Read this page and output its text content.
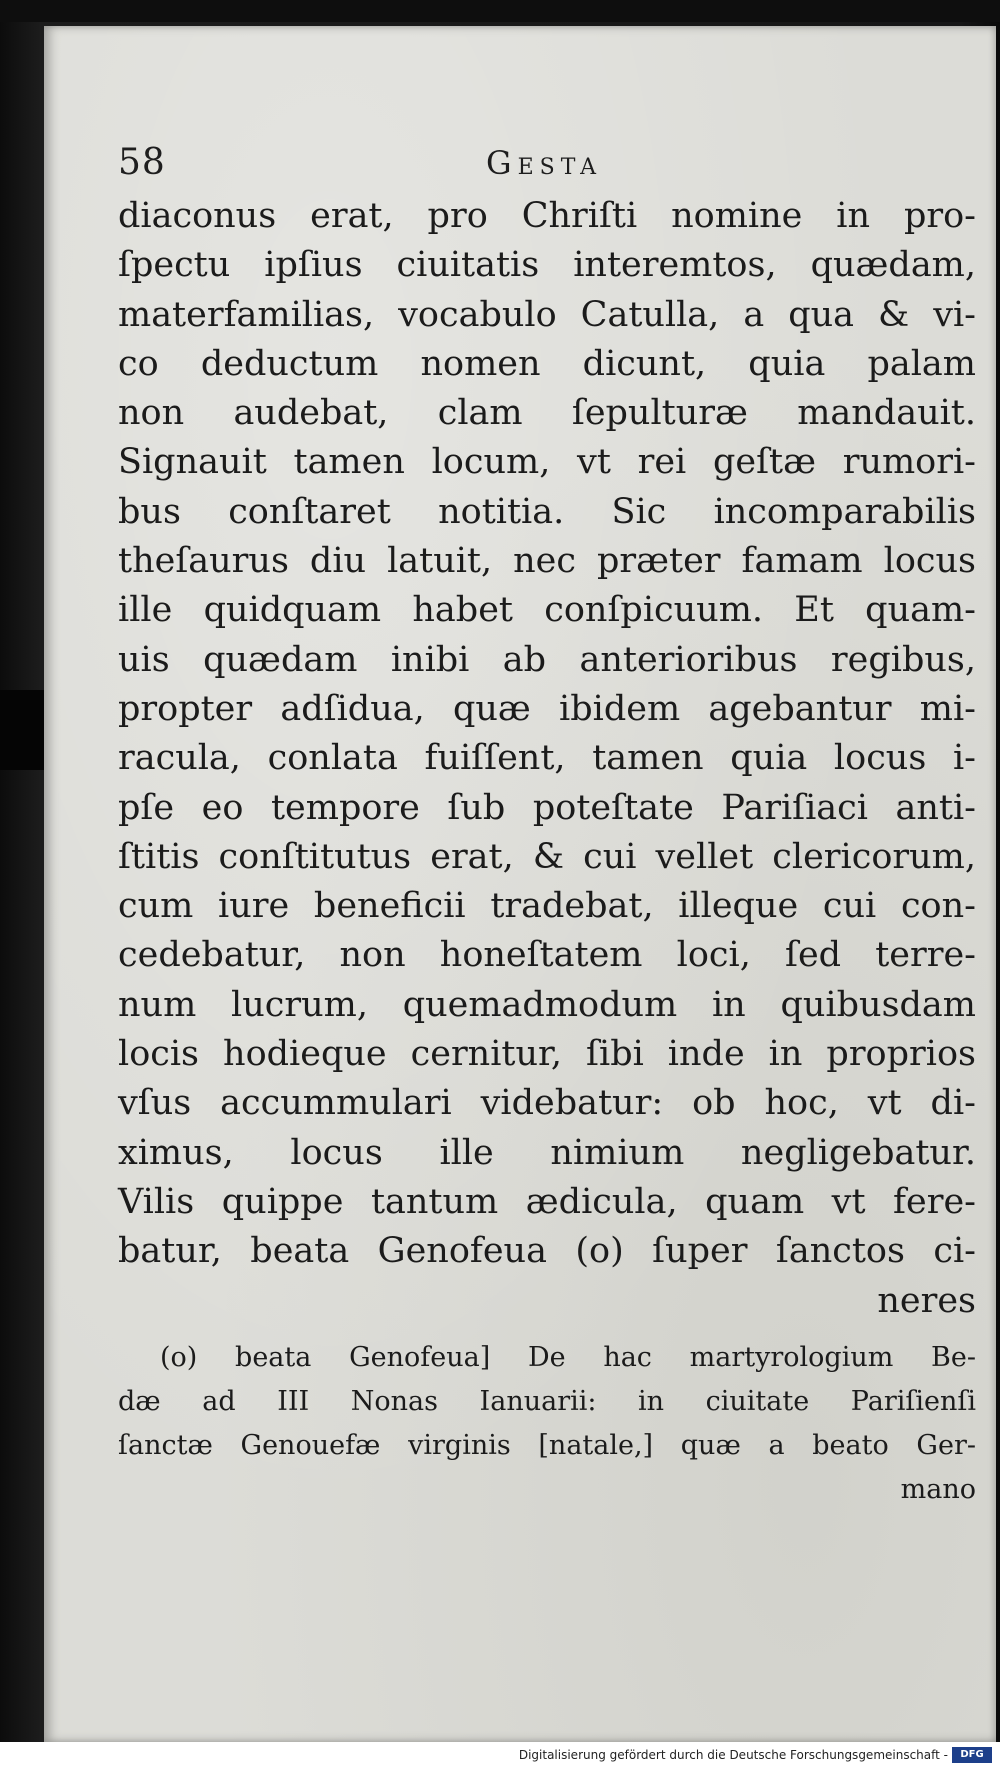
58	Gesta
diaconus erat, pro Chriſti nomine in pro-
ſpectu ipſius ciuitatis interemtos, quædam,
materfamilias, vocabulo Catulla, a qua & vi-
co deductum nomen dicunt, quia palam
non audebat, clam ſepulturæ mandauit.
Signauit tamen locum, vt rei geſtæ rumori-
bus conſtaret notitia. Sic incomparabilis
theſaurus diu latuit, nec præter famam locus
ille quidquam habet conſpicuum. Et quam-
uis quædam inibi ab anterioribus regibus,
propter adſidua, quæ ibidem agebantur mi-
racula, conlata fuiſſent, tamen quia locus i-
pſe eo tempore ſub poteſtate Pariſiaci anti-
ſtitis conſtitutus erat, & cui vellet clericorum,
cum iure beneficii tradebat, illeque cui con-
cedebatur, non honeſtatem loci, ſed terre-
num lucrum, quemadmodum in quibusdam
locis hodieque cernitur, ſibi inde in proprios
vſus accummulari videbatur: ob hoc, vt di-
ximus, locus ille nimium negligebatur.
Vilis quippe tantum ædicula, quam vt fere-
batur, beata Genofeua (o) ſuper ſanctos ci-
neres
(o) beata Genofeua] De hac martyrologium Be-
dæ ad III Nonas Ianuarii: in ciuitate Pariſienſi
ſanctæ Genouefæ virginis [natale,] quæ a beato Ger-
mano
Digitalisierung gefördert durch die Deutsche Forschungsgemeinschaft -	DFG
